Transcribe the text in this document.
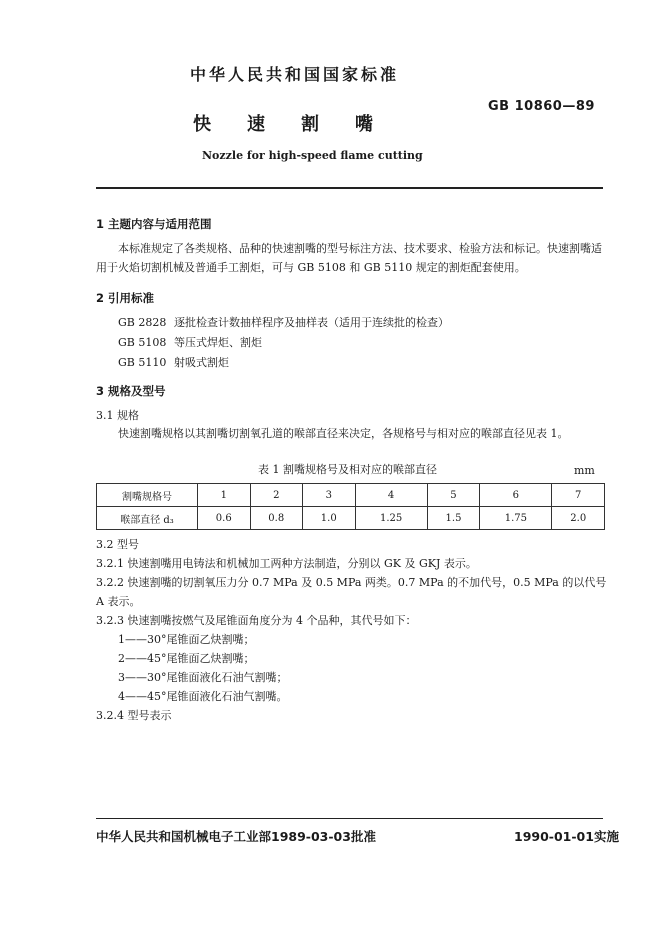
中华人民共和国国家标准
GB 10860—89
快 速 割 嘴
Nozzle for high-speed flame cutting
1 主题内容与适用范围
本标准规定了各类规格、品种的快速割嘴的型号标注方法、技术要求、检验方法和标记。快速割嘴适
用于火焰切割机械及普通手工割炬，可与 GB 5108 和 GB 5110 规定的割炬配套使用。
2 引用标准
GB 2828 逐批检查计数抽样程序及抽样表（适用于连续批的检查）
GB 5108 等压式焊炬、割炬
GB 5110 射吸式割炬
3 规格及型号
3.1 规格
快速割嘴规格以其割嘴切割氧孔道的喉部直径来决定，各规格号与相对应的喉部直径见表 1。
表 1 割嘴规格号及相对应的喉部直径	mm
割嘴规格号	1	2	3	4	5	6	7
喉部直径 d₃	0.6	0.8	1.0	1.25	1.5	1.75	2.0
3.2 型号
3.2.1 快速割嘴用电铸法和机械加工两种方法制造，分别以 GK 及 GKJ 表示。
3.2.2 快速割嘴的切割氧压力分 0.7 MPa 及 0.5 MPa 两类。0.7 MPa 的不加代号，0.5 MPa 的以代号
A 表示。
3.2.3 快速割嘴按燃气及尾锥面角度分为 4 个品种，其代号如下：
1——30°尾锥面乙炔割嘴；
2——45°尾锥面乙炔割嘴；
3——30°尾锥面液化石油气割嘴；
4——45°尾锥面液化石油气割嘴。
3.2.4 型号表示
中华人民共和国机械电子工业部1989-03-03批准	1990-01-01实施
